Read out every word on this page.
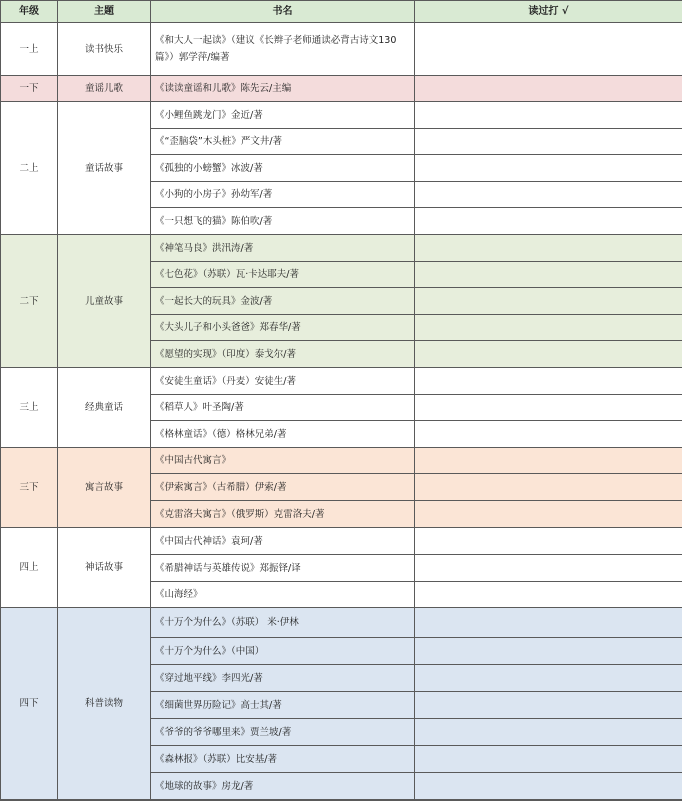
年级	主题	书名	读过打 √
一上	读书快乐	《和大人一起读》（建议《长辫子老师通读必背古诗文130篇》）郭学萍/编著	
一下	童谣儿歌	《读读童谣和儿歌》陈先云/主编	
二上	童话故事	《小鲤鱼跳龙门》金近/著	
		《“歪脑袋”木头桩》严文井/著	
		《孤独的小螃蟹》冰波/著	
		《小狗的小房子》孙幼军/著	
		《一只想飞的猫》陈伯吹/著	
二下	儿童故事	《神笔马良》洪汛涛/著	
		《七色花》（苏联）瓦·卡达耶夫/著	
		《一起长大的玩具》金波/著	
		《大头儿子和小头爸爸》郑春华/著	
		《愿望的实现》（印度）泰戈尔/著	
三上	经典童话	《安徒生童话》（丹麦）安徒生/著	
		《稻草人》叶圣陶/著	
		《格林童话》（德）格林兄弟/著	
三下	寓言故事	《中国古代寓言》	
		《伊索寓言》（古希腊）伊索/著	
		《克雷洛夫寓言》（俄罗斯）克雷洛夫/著	
四上	神话故事	《中国古代神话》袁珂/著	
		《希腊神话与英雄传说》郑振铎/译	
		《山海经》	
四下	科普读物	《十万个为什么》（苏联） 米·伊林	
		《十万个为什么》（中国）	
		《穿过地平线》李四光/著	
		《细菌世界历险记》高士其/著	
		《爷爷的爷爷哪里来》贾兰坡/著	
		《森林报》（苏联）比安基/著	
		《地球的故事》房龙/著	
